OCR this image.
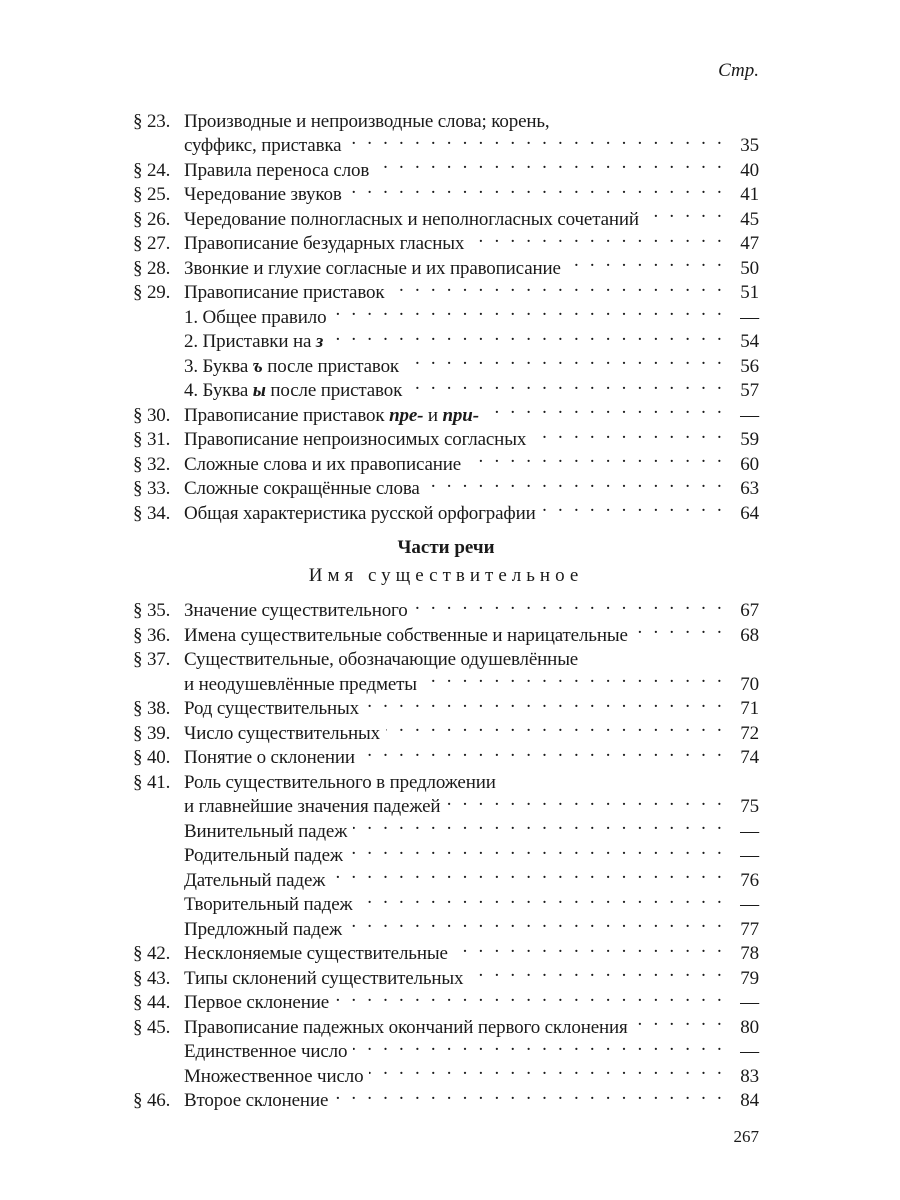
Стр.
§ 23. Производные и непроизводные слова; корень,
суффикс, приставка . . .	35
§ 24. Правила переноса слов . . .	40
§ 25. Чередование звуков . . .	41
§ 26. Чередование полногласных и неполногласных сочетаний . . .	45
§ 27. Правописание безударных гласных . . .	47
§ 28. Звонкие и глухие согласные и их правописание . . .	50
§ 29. Правописание приставок . . .	51
1. Общее правило . . .	—
2. Приставки на з . . .	54
3. Буква ъ после приставок . . .	56
4. Буква ы после приставок . . .	57
§ 30. Правописание приставок пре- и при- . . .	—
§ 31. Правописание непроизносимых согласных . . .	59
§ 32. Сложные слова и их правописание . . .	60
§ 33. Сложные сокращённые слова . . .	63
§ 34. Общая характеристика русской орфографии . . .	64
Части речи
Имя существительное
§ 35. Значение существительного . . .	67
§ 36. Имена существительные собственные и нарицательные . . .	68
§ 37. Существительные, обозначающие одушевлённые
и неодушевлённые предметы . . .	70
§ 38. Род существительных . . .	71
§ 39. Число существительных . . .	72
§ 40. Понятие о склонении . . .	74
§ 41. Роль существительного в предложении
и главнейшие значения падежей . . .	75
Винительный падеж . . .	—
Родительный падеж . . .	—
Дательный падеж . . .	76
Творительный падеж . . .	—
Предложный падеж . . .	77
§ 42. Несклоняемые существительные . . .	78
§ 43. Типы склонений существительных . . .	79
§ 44. Первое склонение . . .	—
§ 45. Правописание падежных окончаний первого склонения . . .	80
Единственное число . . .	—
Множественное число . . .	83
§ 46. Второе склонение . . .	84
267
